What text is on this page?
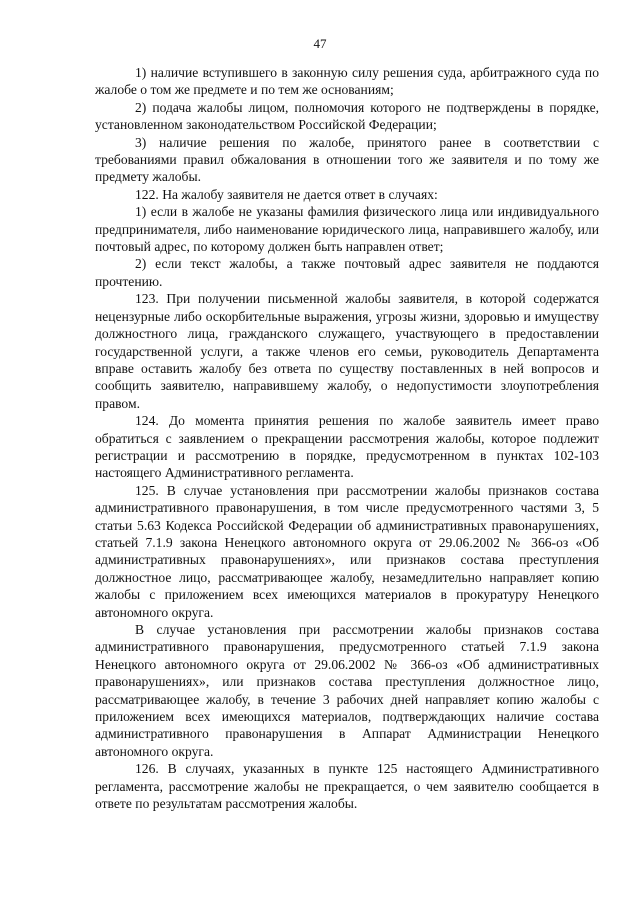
47

1) наличие вступившего в законную силу решения суда, арбитражного суда по жалобе о том же предмете и по тем же основаниям;

2) подача жалобы лицом, полномочия которого не подтверждены в порядке, установленном законодательством Российской Федерации;

3) наличие решения по жалобе, принятого ранее в соответствии с требованиями правил обжалования в отношении того же заявителя и по тому же предмету жалобы.

122. На жалобу заявителя не дается ответ в случаях:

1) если в жалобе не указаны фамилия физического лица или индивидуального предпринимателя, либо наименование юридического лица, направившего жалобу, или почтовый адрес, по которому должен быть направлен ответ;

2) если текст жалобы, а также почтовый адрес заявителя не поддаются прочтению.

123. При получении письменной жалобы заявителя, в которой содержатся нецензурные либо оскорбительные выражения, угрозы жизни, здоровью и имуществу должностного лица, гражданского служащего, участвующего в предоставлении государственной услуги, а также членов его семьи, руководитель Департамента вправе оставить жалобу без ответа по существу поставленных в ней вопросов и сообщить заявителю, направившему жалобу, о недопустимости злоупотребления правом.

124. До момента принятия решения по жалобе заявитель имеет право обратиться с заявлением о прекращении рассмотрения жалобы, которое подлежит регистрации и рассмотрению в порядке, предусмотренном в пунктах 102-103 настоящего Административного регламента.

125. В случае установления при рассмотрении жалобы признаков состава административного правонарушения, в том числе предусмотренного частями 3, 5 статьи 5.63 Кодекса Российской Федерации об административных правонарушениях, статьей 7.1.9 закона Ненецкого автономного округа от 29.06.2002 № 366-оз «Об административных правонарушениях», или признаков состава преступления должностное лицо, рассматривающее жалобу, незамедлительно направляет копию жалобы с приложением всех имеющихся материалов в прокуратуру Ненецкого автономного округа.

В случае установления при рассмотрении жалобы признаков состава административного правонарушения, предусмотренного статьей 7.1.9 закона Ненецкого автономного округа от 29.06.2002 № 366-оз «Об административных правонарушениях», или признаков состава преступления должностное лицо, рассматривающее жалобу, в течение 3 рабочих дней направляет копию жалобы с приложением всех имеющихся материалов, подтверждающих наличие состава административного правонарушения в Аппарат Администрации Ненецкого автономного округа.

126. В случаях, указанных в пункте 125 настоящего Административного регламента, рассмотрение жалобы не прекращается, о чем заявителю сообщается в ответе по результатам рассмотрения жалобы.
